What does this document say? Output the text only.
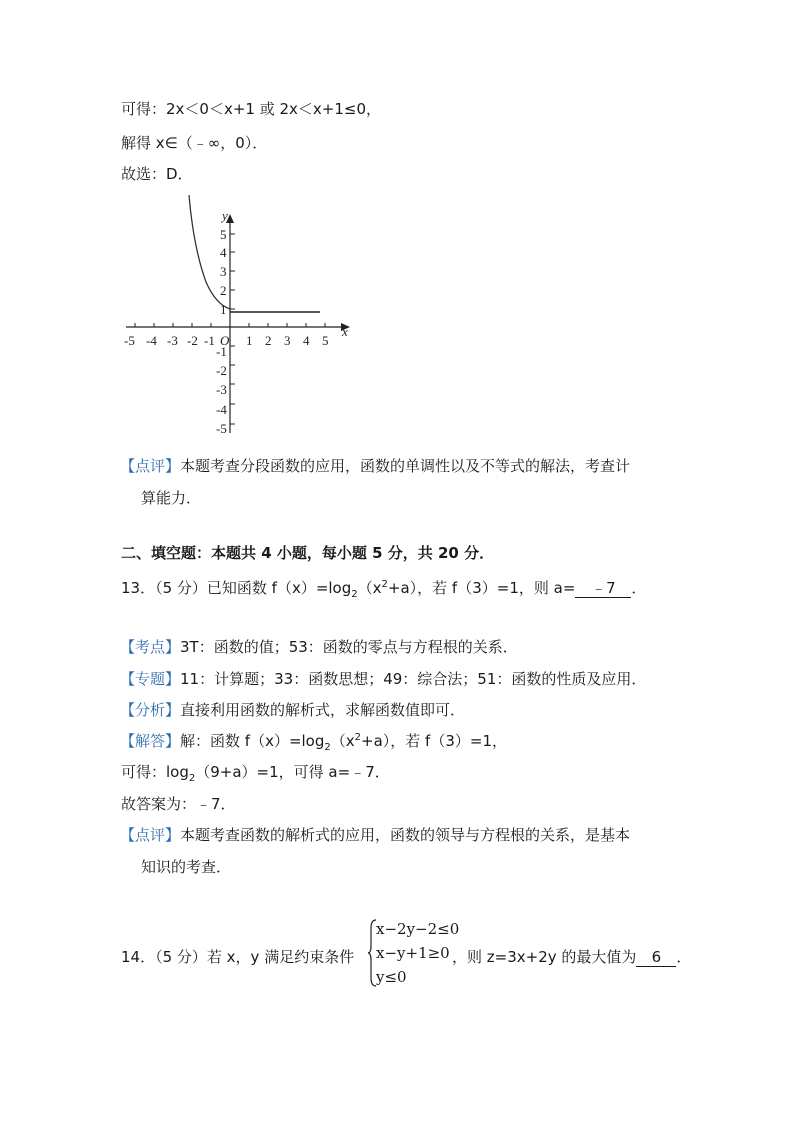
可得：2x＜0＜x+1 或 2x＜x+1≤0，
解得 x∈（﹣∞，0）．
故选：D．
-5 -4 -3 -2 -1 1 2 3 4 5
5
4
3
2
1
-1
-2
-3
-4
-5
x
y
O
【点评】本题考查分段函数的应用，函数的单调性以及不等式的解法，考查计
算能力．
二、填空题：本题共 4 小题，每小题 5 分，共 20 分．
13．（5 分）已知函数 $f(x)=\log_2(x^2+a)$，若 f（3）=1，则 a= ﹣7 ．
【考点】3T：函数的值；53：函数的零点与方程根的关系．
【专题】11：计算题；33：函数思想；49：综合法；51：函数的性质及应用．
【分析】直接利用函数的解析式，求解函数值即可．
【解答】解：函数 $f(x)=\log_2(x^2+a)$，若 f（3）=1，
可得：$\log_2(9+a)=1$，可得 a=﹣7．
故答案为：﹣7．
【点评】本题考查函数的解析式的应用，函数的领导与方程根的关系，是基本
知识的考查．
14．（5 分）若 x，y 满足约束条件
x−2y−2≤0
x−y+1≥0
y≤0
，则 z=3x+2y 的最大值为 6 ．
